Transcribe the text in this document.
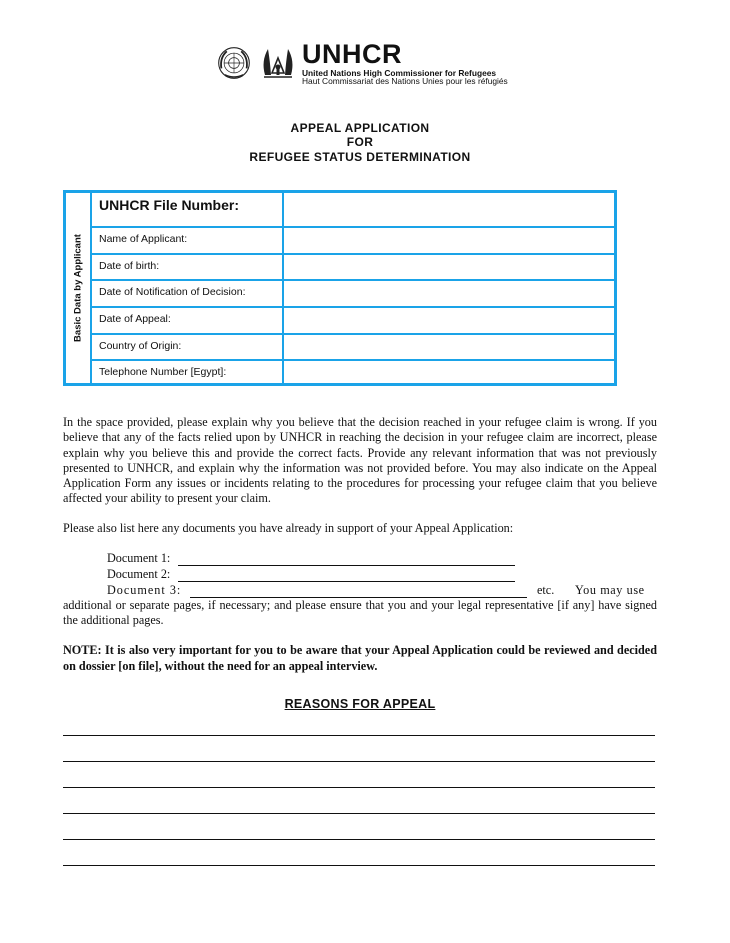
UNHCR
United Nations High Commissioner for Refugees
Haut Commissariat des Nations Unies pour les réfugiés
APPEAL APPLICATION
FOR
REFUGEE STATUS DETERMINATION
Basic Data by Applicant
UNHCR File Number:
Name of Applicant:
Date of birth:
Date of Notification of Decision:
Date of Appeal:
Country of Origin:
Telephone Number [Egypt]:
In the space provided, please explain why you believe that the decision reached in your refugee claim is wrong. If you believe that any of the facts relied upon by UNHCR in reaching the decision in your refugee claim are incorrect, please explain why you believe this and provide the correct facts. Provide any relevant information that was not previously presented to UNHCR, and explain why the information was not provided before. You may also indicate on the Appeal Application Form any issues or incidents relating to the procedures for processing your refugee claim that you believe affected your ability to present your claim.
Please also list here any documents you have already in support of your Appeal Application:
Document 1:
Document 2:
Document 3:	etc. You may use
additional or separate pages, if necessary; and please ensure that you and your legal representative [if any] have signed the additional pages.
NOTE: It is also very important for you to be aware that your Appeal Application could be reviewed and decided on dossier [on file], without the need for an appeal interview.
REASONS FOR APPEAL
